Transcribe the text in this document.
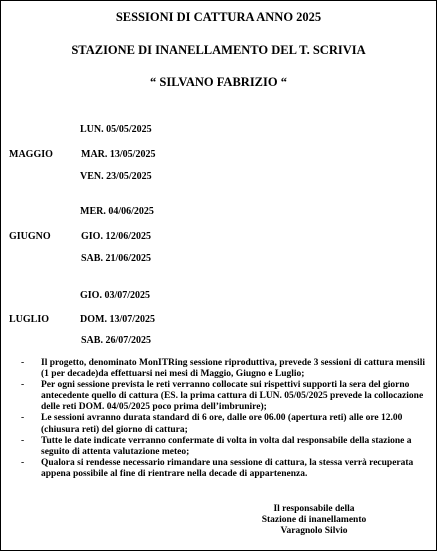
SESSIONI DI CATTURA ANNO 2025
STAZIONE DI INANELLAMENTO DEL T. SCRIVIA
“ SILVANO FABRIZIO “
MAGGIO
LUN. 05/05/2025
MAR. 13/05/2025
VEN. 23/05/2025
GIUGNO
MER. 04/06/2025
GIO. 12/06/2025
SAB. 21/06/2025
LUGLIO
GIO. 03/07/2025
DOM. 13/07/2025
SAB. 26/07/2025
- Il progetto, denominato MonITRing sessione riproduttiva, prevede 3 sessioni di cattura mensili (1 per decade)da effettuarsi nei mesi di Maggio, Giugno e Luglio;
- Per ogni sessione prevista le reti verranno collocate sui rispettivi supporti la sera del giorno antecedente quello di cattura (ES. la prima cattura di LUN. 05/05/2025 prevede la collocazione delle reti DOM. 04/05/2025 poco prima dell’imbrunire);
- Le sessioni avranno durata standard di 6 ore, dalle ore 06.00 (apertura reti) alle ore 12.00 (chiusura reti) del giorno di cattura;
- Tutte le date indicate verranno confermate di volta in volta dal responsabile della stazione a seguito di attenta valutazione meteo;
- Qualora si rendesse necessario rimandare una sessione di cattura, la stessa verrà recuperata appena possibile al fine di rientrare nella decade di appartenenza.
Il responsabile della
Stazione di inanellamento
Varagnolo Silvio
